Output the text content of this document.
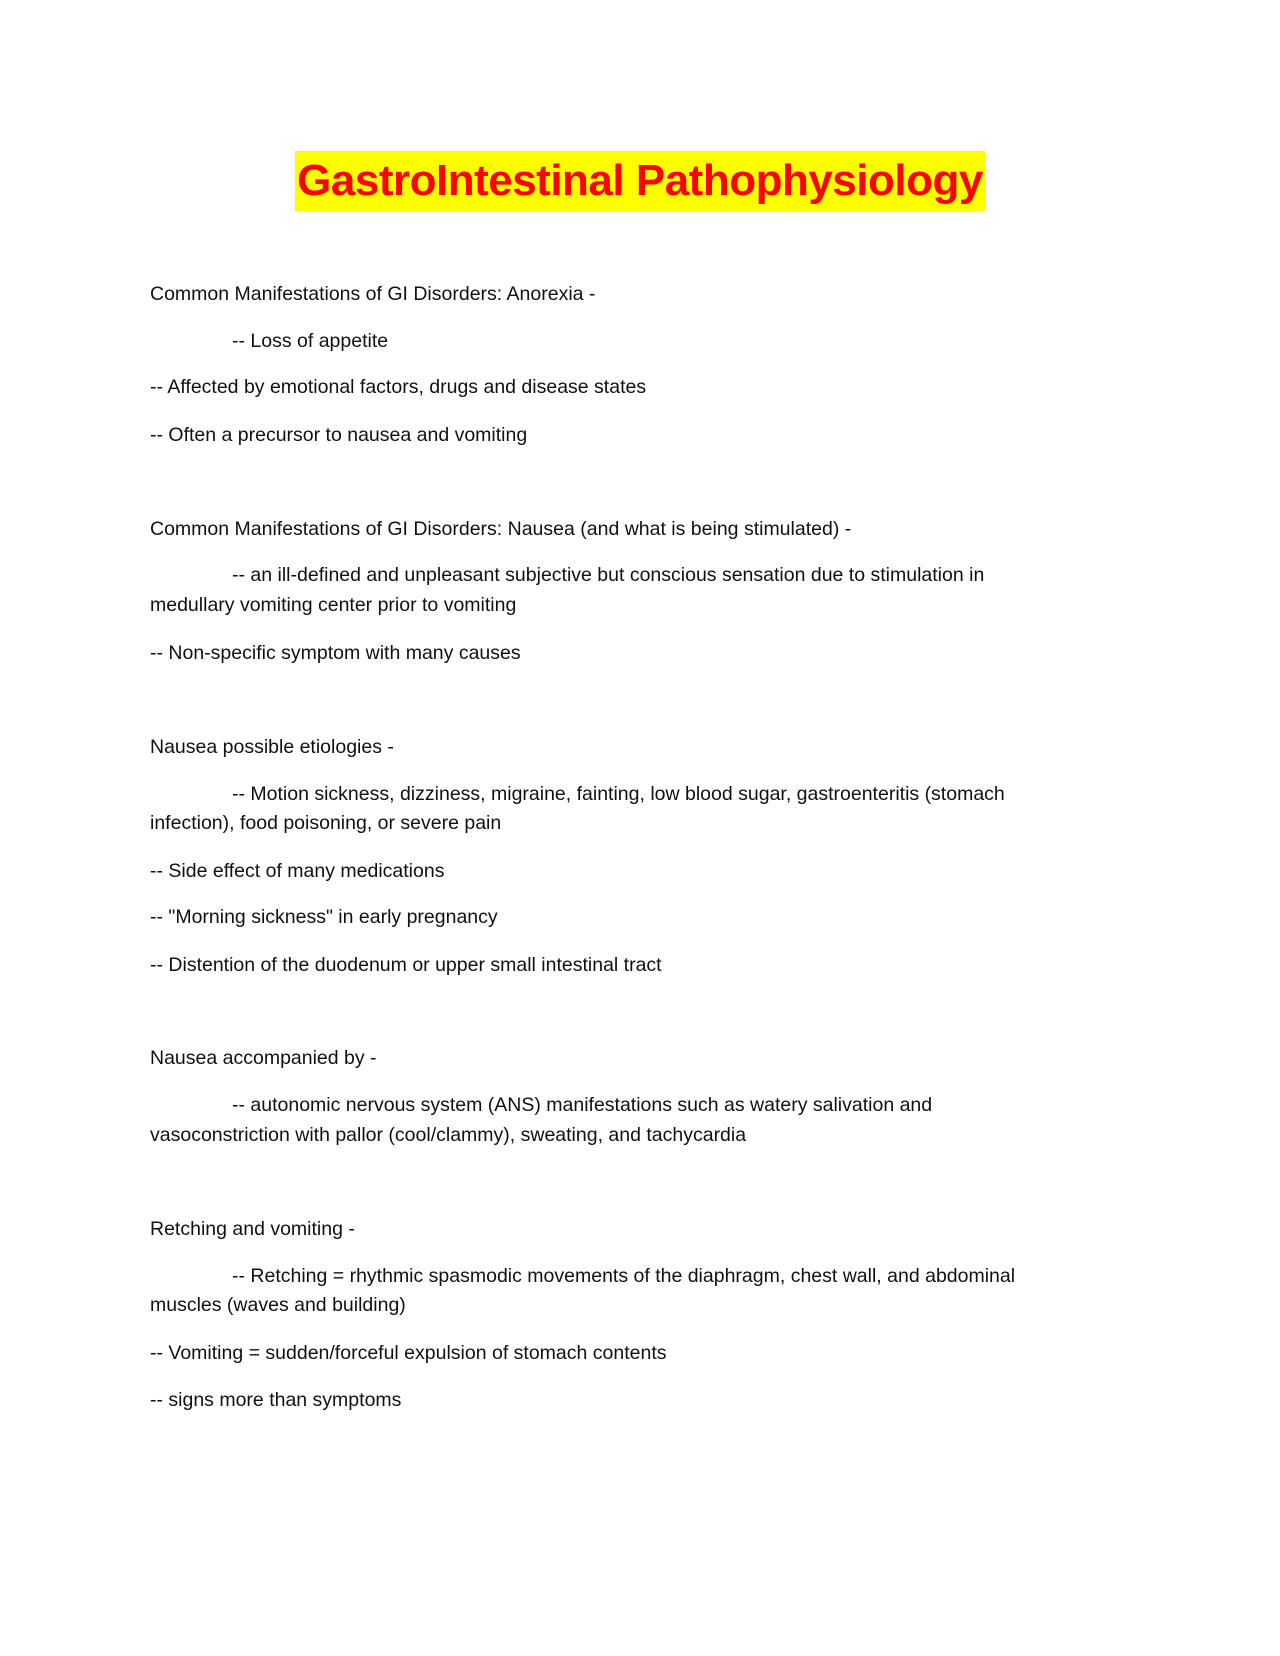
GastroIntestinal Pathophysiology
Common Manifestations of GI Disorders: Anorexia -
-- Loss of appetite
-- Affected by emotional factors, drugs and disease states
-- Often a precursor to nausea and vomiting
Common Manifestations of GI Disorders: Nausea (and what is being stimulated) -
-- an ill-defined and unpleasant subjective but conscious sensation due to stimulation in
medullary vomiting center prior to vomiting
-- Non-specific symptom with many causes
Nausea possible etiologies -
-- Motion sickness, dizziness, migraine, fainting, low blood sugar, gastroenteritis (stomach
infection), food poisoning, or severe pain
-- Side effect of many medications
-- "Morning sickness" in early pregnancy
-- Distention of the duodenum or upper small intestinal tract
Nausea accompanied by -
-- autonomic nervous system (ANS) manifestations such as watery salivation and
vasoconstriction with pallor (cool/clammy), sweating, and tachycardia
Retching and vomiting -
-- Retching = rhythmic spasmodic movements of the diaphragm, chest wall, and abdominal
muscles (waves and building)
-- Vomiting = sudden/forceful expulsion of stomach contents
-- signs more than symptoms
